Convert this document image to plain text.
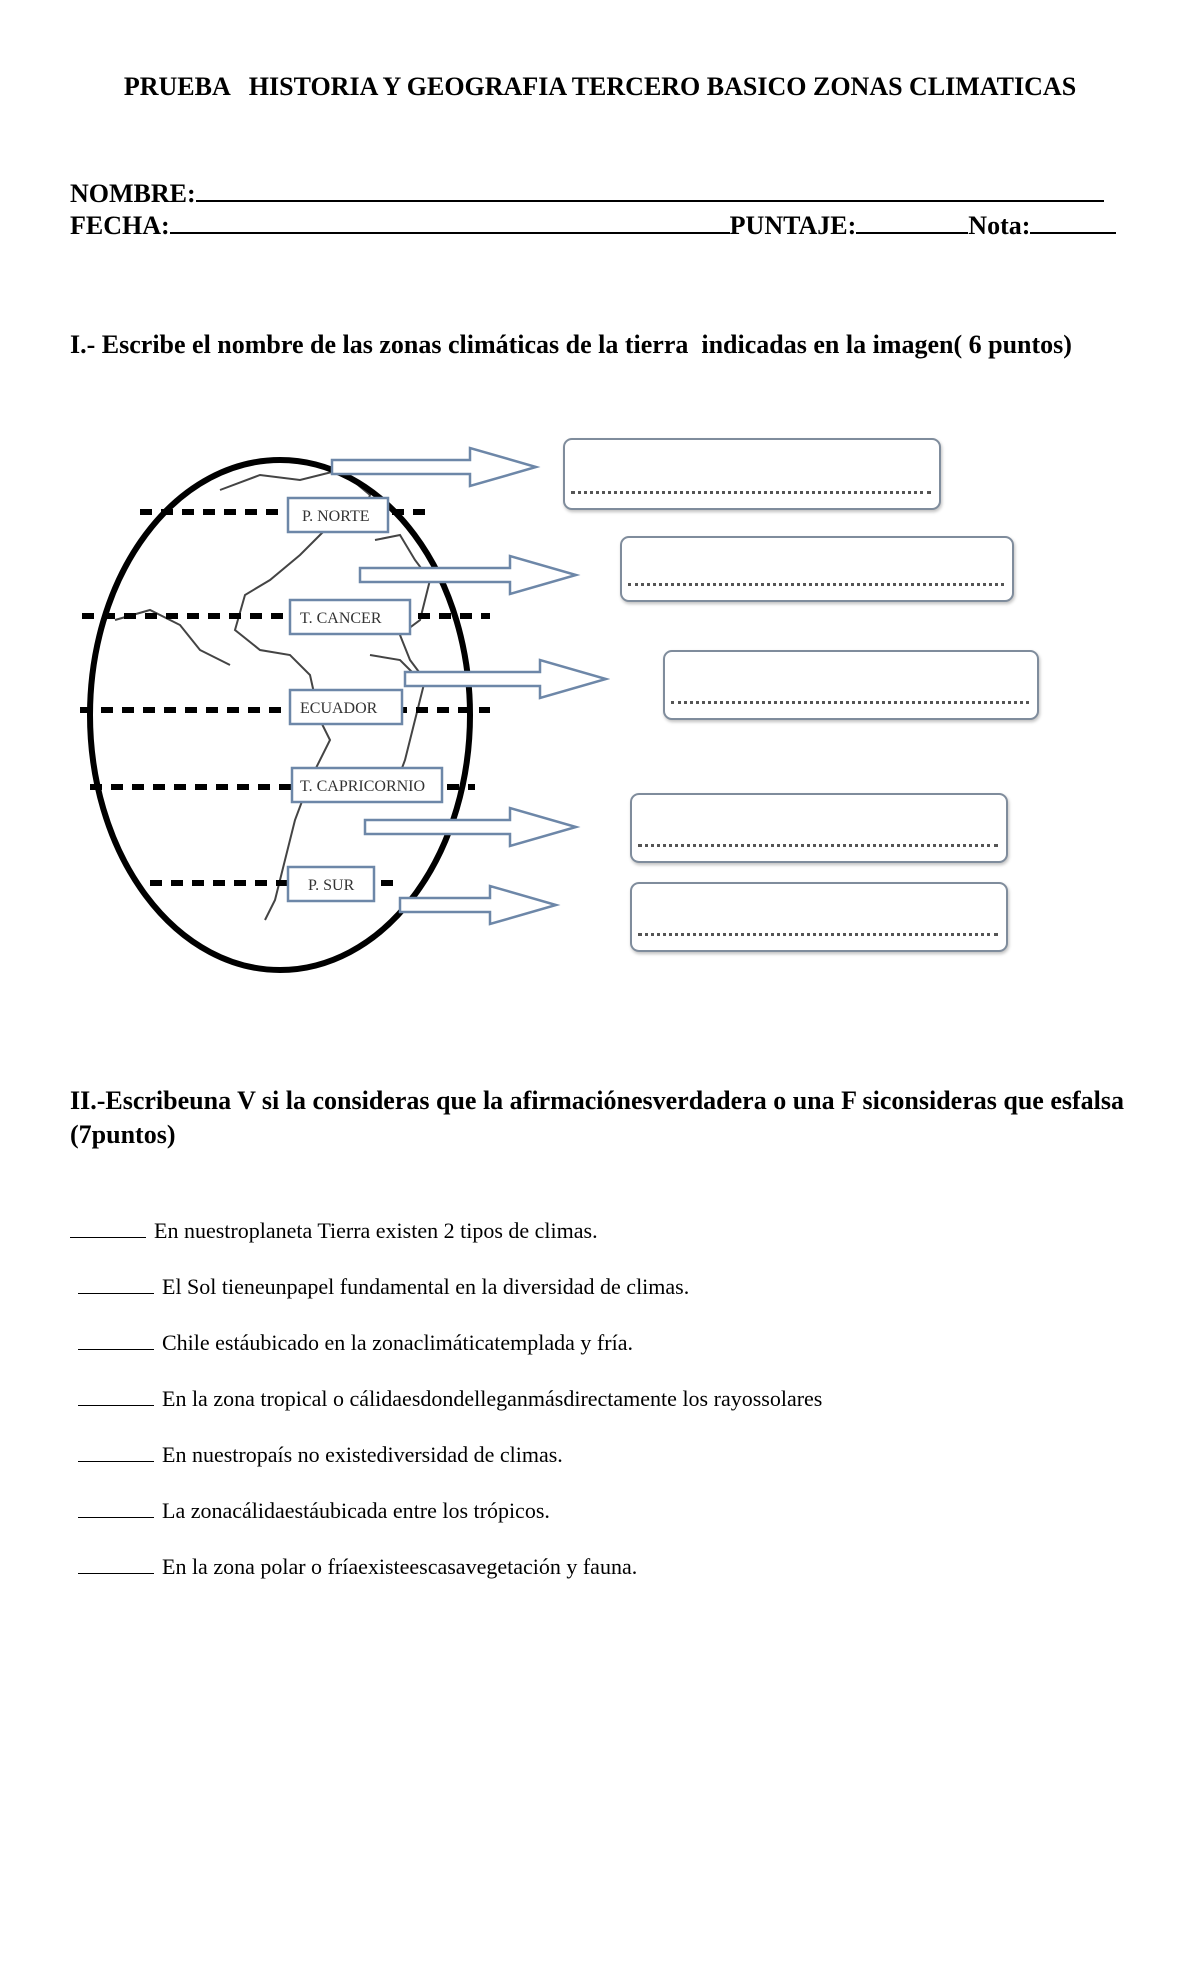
PRUEBA   HISTORIA Y GEOGRAFIA TERCERO BASICO ZONAS CLIMATICAS
NOMBRE:
FECHA:	PUNTAJE:	Nota:
I.- Escribe el nombre de las zonas climáticas de la tierra  indicadas en la imagen( 6 puntos)
P. NORTE
T. CANCER
ECUADOR
T. CAPRICORNIO
P. SUR
II.-Escribeuna V si la consideras que la afirmaciónesverdadera o una F siconsideras que esfalsa (7puntos)
En nuestroplaneta Tierra existen 2 tipos de climas.
El Sol tieneunpapel fundamental en la diversidad de climas.
Chile estáubicado en la zonaclimáticatemplada y fría.
En la zona tropical o cálidaesdondelleganmásdirectamente los rayossolares
En nuestropaís no existediversidad de climas.
La zonacálidaestáubicada entre los trópicos.
En la zona polar o fríaexisteescasavegetación y fauna.
